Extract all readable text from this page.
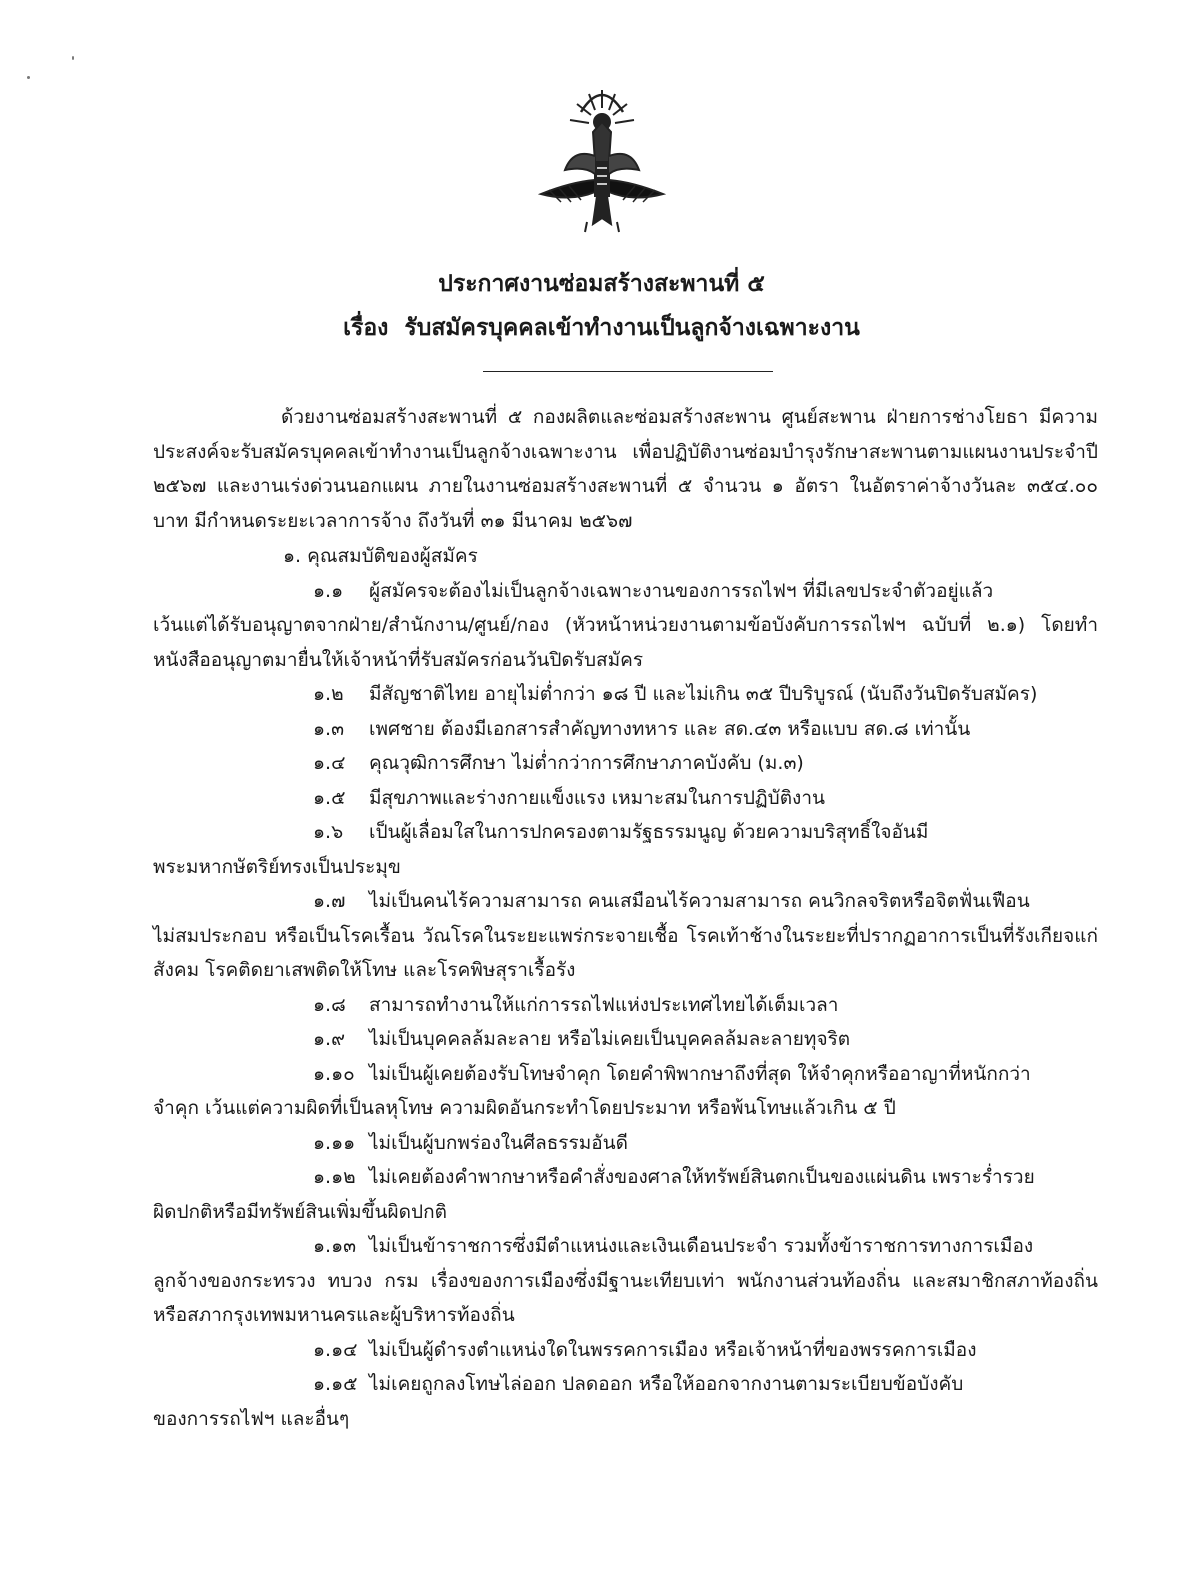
ประกาศงานซ่อมสร้างสะพานที่ ๕
เรื่อง รับสมัครบุคคลเข้าทำงานเป็นลูกจ้างเฉพาะงาน

ด้วยงานซ่อมสร้างสะพานที่ ๕ กองผลิตและซ่อมสร้างสะพาน ศูนย์สะพาน ฝ่ายการช่างโยธา มีความประสงค์จะรับสมัครบุคคลเข้าทำงานเป็นลูกจ้างเฉพาะงาน เพื่อปฏิบัติงานซ่อมบำรุงรักษาสะพานตามแผนงานประจำปี ๒๕๖๗ และงานเร่งด่วนนอกแผน ภายในงานซ่อมสร้างสะพานที่ ๕ จำนวน ๑ อัตรา ในอัตราค่าจ้างวันละ ๓๕๔.๐๐ บาท มีกำหนดระยะเวลาการจ้าง ถึงวันที่ ๓๑ มีนาคม ๒๕๖๗

๑. คุณสมบัติของผู้สมัคร

๑.๑ ผู้สมัครจะต้องไม่เป็นลูกจ้างเฉพาะงานของการรถไฟฯ ที่มีเลขประจำตัวอยู่แล้ว
เว้นแต่ได้รับอนุญาตจากฝ่าย/สำนักงาน/ศูนย์/กอง (หัวหน้าหน่วยงานตามข้อบังคับการรถไฟฯ ฉบับที่ ๒.๑) โดยทำหนังสืออนุญาตมายื่นให้เจ้าหน้าที่รับสมัครก่อนวันปิดรับสมัคร
๑.๒ มีสัญชาติไทย อายุไม่ต่ำกว่า ๑๘ ปี และไม่เกิน ๓๕ ปีบริบูรณ์ (นับถึงวันปิดรับสมัคร)
๑.๓ เพศชาย ต้องมีเอกสารสำคัญทางทหาร และ สด.๔๓ หรือแบบ สด.๘ เท่านั้น
๑.๔ คุณวุฒิการศึกษา ไม่ต่ำกว่าการศึกษาภาคบังคับ (ม.๓)
๑.๕ มีสุขภาพและร่างกายแข็งแรง เหมาะสมในการปฏิบัติงาน
๑.๖ เป็นผู้เลื่อมใสในการปกครองตามรัฐธรรมนูญ ด้วยความบริสุทธิ์ใจอันมี
พระมหากษัตริย์ทรงเป็นประมุข
๑.๗ ไม่เป็นคนไร้ความสามารถ คนเสมือนไร้ความสามารถ คนวิกลจริตหรือจิตฟั่นเฟือน
ไม่สมประกอบ หรือเป็นโรคเรื้อน วัณโรคในระยะแพร่กระจายเชื้อ โรคเท้าช้างในระยะที่ปรากฏอาการเป็นที่รังเกียจแก่สังคม โรคติดยาเสพติดให้โทษ และโรคพิษสุราเรื้อรัง
๑.๘ สามารถทำงานให้แก่การรถไฟแห่งประเทศไทยได้เต็มเวลา
๑.๙ ไม่เป็นบุคคลล้มละลาย หรือไม่เคยเป็นบุคคลล้มละลายทุจริต
๑.๑๐ ไม่เป็นผู้เคยต้องรับโทษจำคุก โดยคำพิพากษาถึงที่สุด ให้จำคุกหรืออาญาที่หนักกว่า
จำคุก เว้นแต่ความผิดที่เป็นลหุโทษ ความผิดอันกระทำโดยประมาท หรือพ้นโทษแล้วเกิน ๕ ปี
๑.๑๑ ไม่เป็นผู้บกพร่องในศีลธรรมอันดี
๑.๑๒ ไม่เคยต้องคำพากษาหรือคำสั่งของศาลให้ทรัพย์สินตกเป็นของแผ่นดิน เพราะร่ำรวย
ผิดปกติหรือมีทรัพย์สินเพิ่มขึ้นผิดปกติ
๑.๑๓ ไม่เป็นข้าราชการซึ่งมีตำแหน่งและเงินเดือนประจำ รวมทั้งข้าราชการทางการเมือง
ลูกจ้างของกระทรวง ทบวง กรม เรื่องของการเมืองซึ่งมีฐานะเทียบเท่า พนักงานส่วนท้องถิ่น และสมาชิกสภาท้องถิ่น หรือสภากรุงเทพมหานครและผู้บริหารท้องถิ่น
๑.๑๔ ไม่เป็นผู้ดำรงตำแหน่งใดในพรรคการเมือง หรือเจ้าหน้าที่ของพรรคการเมือง
๑.๑๕ ไม่เคยถูกลงโทษไล่ออก ปลดออก หรือให้ออกจากงานตามระเบียบข้อบังคับ
ของการรถไฟฯ และอื่นๆ
